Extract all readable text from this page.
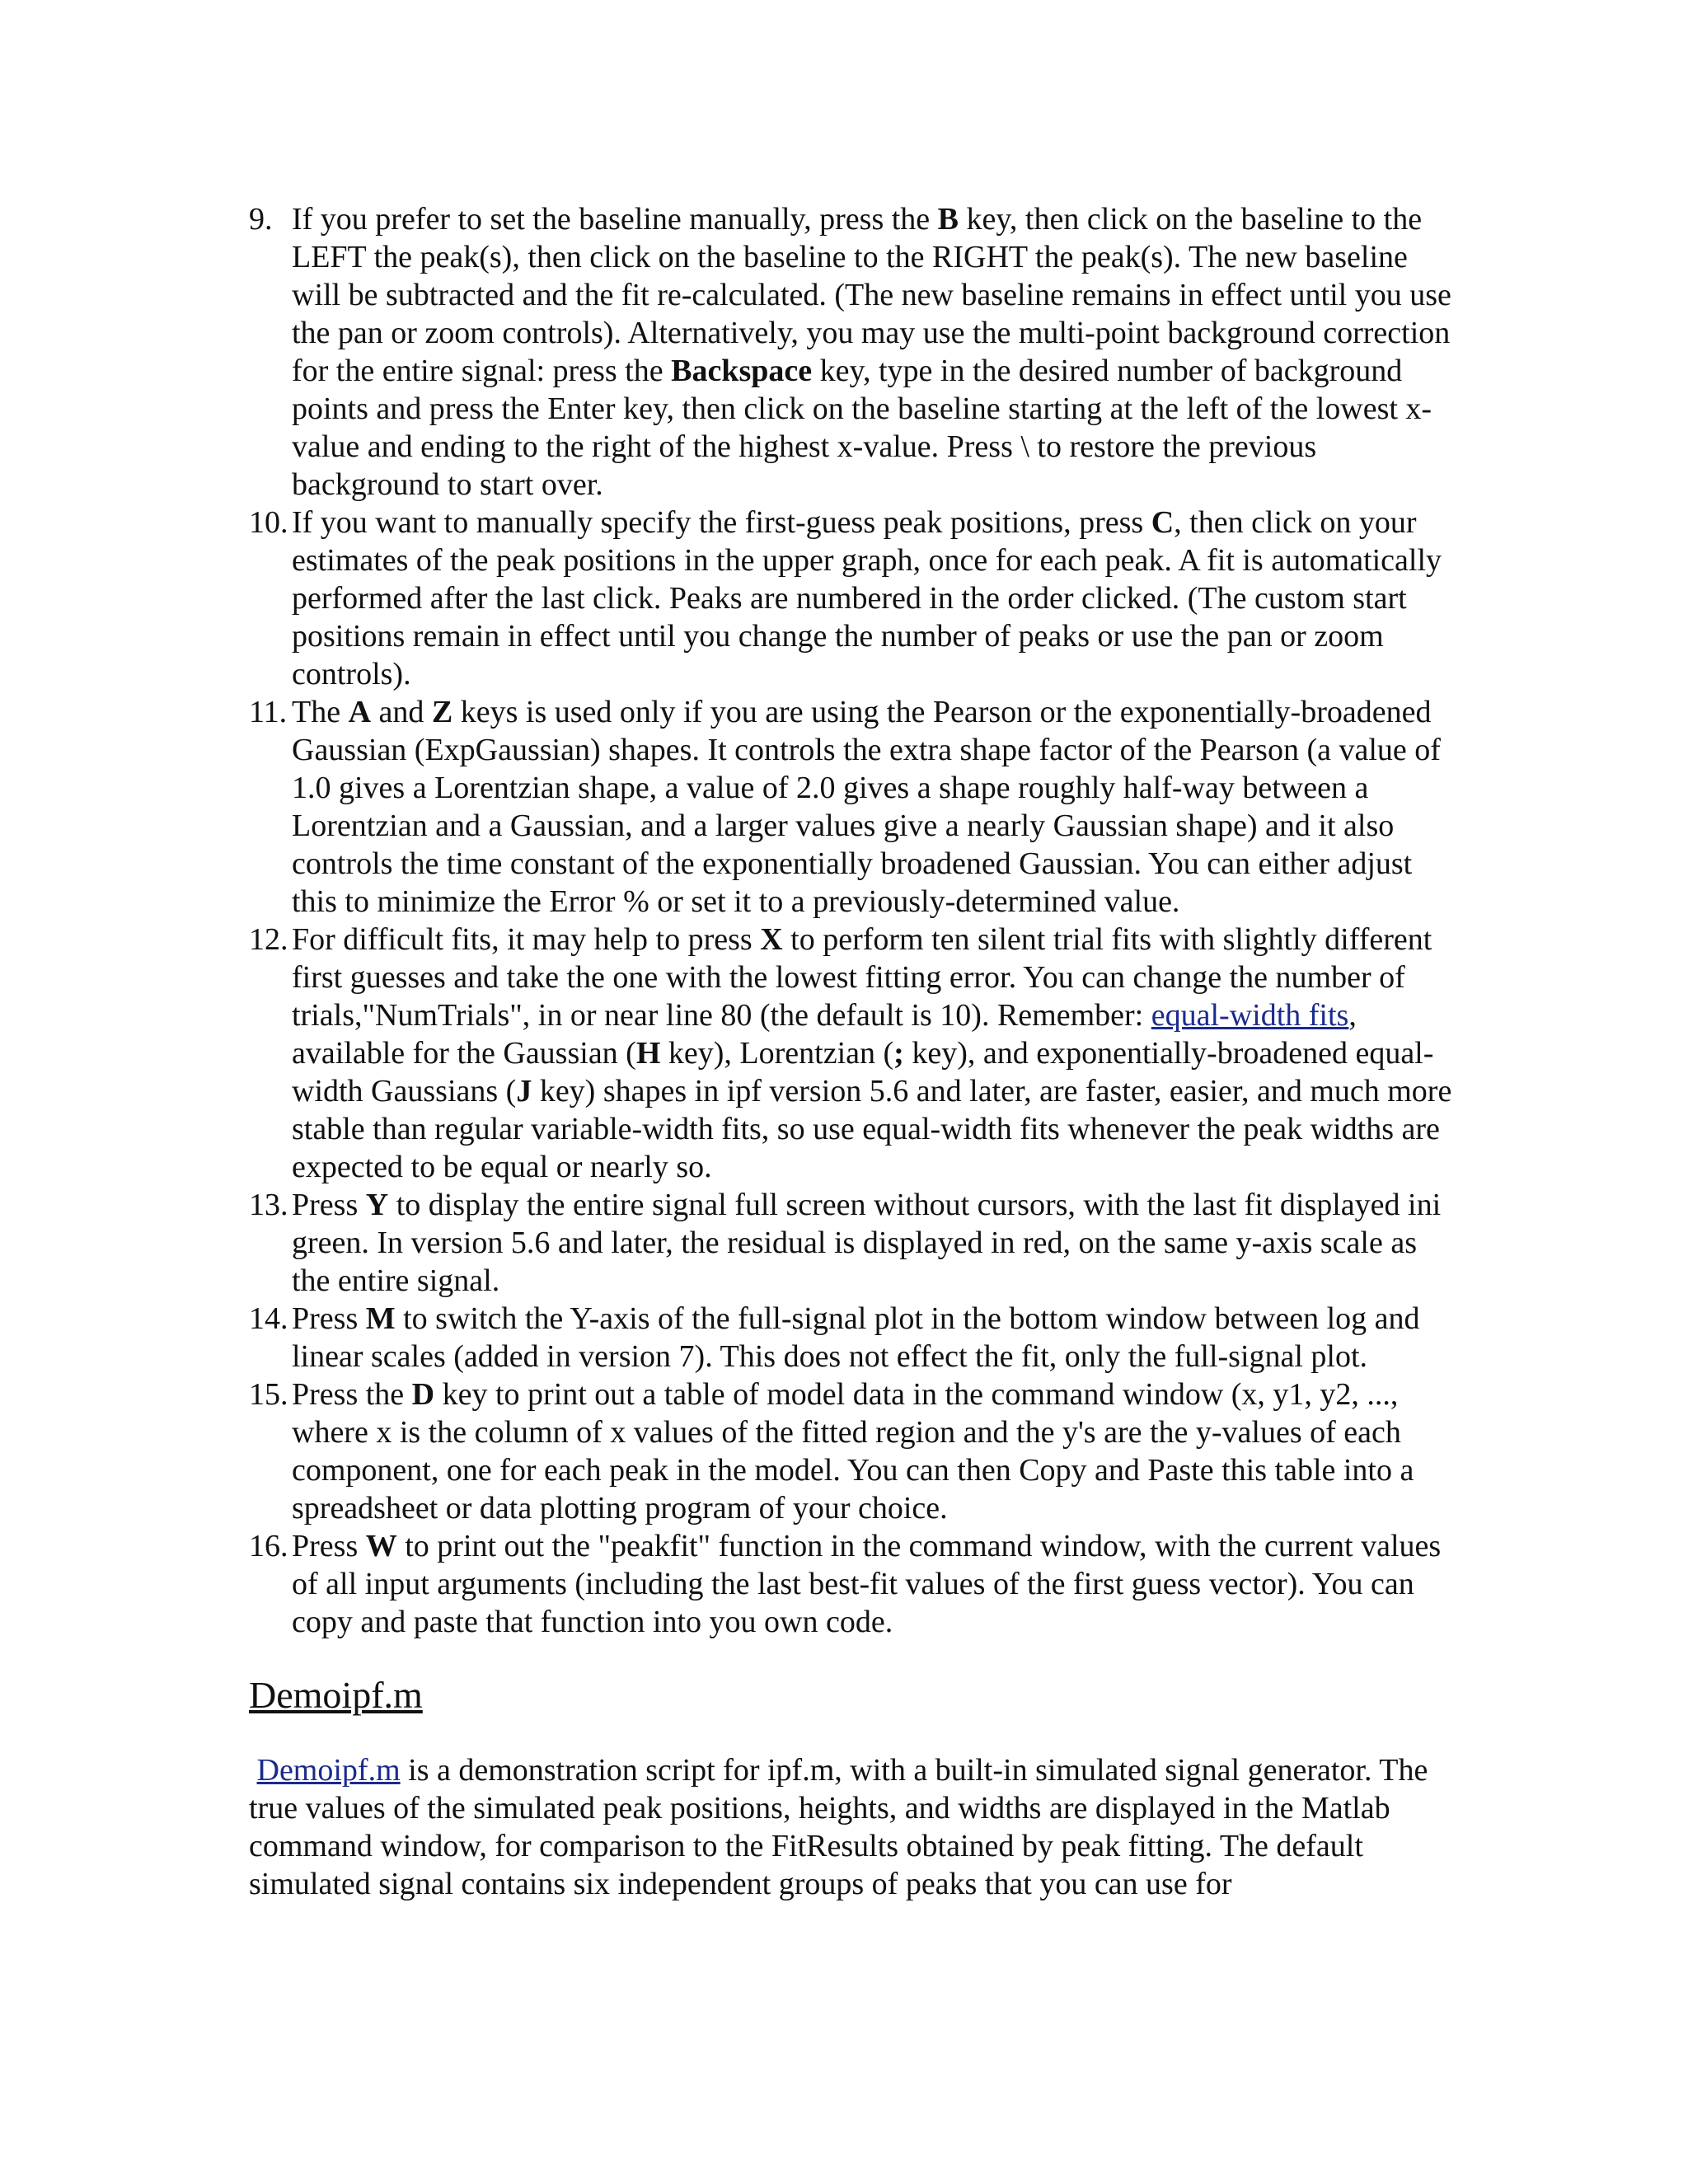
9. If you prefer to set the baseline manually, press the B key, then click on the baseline to the LEFT the peak(s), then click on the baseline to the RIGHT the peak(s). The new baseline will be subtracted and the fit re-calculated. (The new baseline remains in effect until you use the pan or zoom controls). Alternatively, you may use the multi-point background correction for the entire signal: press the Backspace key, type in the desired number of background points and press the Enter key, then click on the baseline starting at the left of the lowest x-value and ending to the right of the highest x-value. Press \ to restore the previous background to start over.

10. If you want to manually specify the first-guess peak positions, press C, then click on your estimates of the peak positions in the upper graph, once for each peak. A fit is automatically performed after the last click. Peaks are numbered in the order clicked. (The custom start positions remain in effect until you change the number of peaks or use the pan or zoom controls).

11. The A and Z keys is used only if you are using the Pearson or the exponentially-broadened Gaussian (ExpGaussian) shapes. It controls the extra shape factor of the Pearson (a value of 1.0 gives a Lorentzian shape, a value of 2.0 gives a shape roughly half-way between a Lorentzian and a Gaussian, and a larger values give a nearly Gaussian shape) and it also controls the time constant of the exponentially broadened Gaussian. You can either adjust this to minimize the Error % or set it to a previously-determined value.

12. For difficult fits, it may help to press X to perform ten silent trial fits with slightly different first guesses and take the one with the lowest fitting error. You can change the number of trials,"NumTrials", in or near line 80 (the default is 10). Remember: equal-width fits, available for the Gaussian (H key), Lorentzian (; key), and exponentially-broadened equal-width Gaussians (J key) shapes in ipf version 5.6 and later, are faster, easier, and much more stable than regular variable-width fits, so use equal-width fits whenever the peak widths are expected to be equal or nearly so.

13. Press Y to display the entire signal full screen without cursors, with the last fit displayed ini green. In version 5.6 and later, the residual is displayed in red, on the same y-axis scale as the entire signal.

14. Press M to switch the Y-axis of the full-signal plot in the bottom window between log and linear scales (added in version 7). This does not effect the fit, only the full-signal plot.

15. Press the D key to print out a table of model data in the command window (x, y1, y2, ..., where x is the column of x values of the fitted region and the y's are the y-values of each component, one for each peak in the model. You can then Copy and Paste this table into a spreadsheet or data plotting program of your choice.

16. Press W to print out the "peakfit" function in the command window, with the current values of all input arguments (including the last best-fit values of the first guess vector). You can copy and paste that function into you own code.

Demoipf.m

Demoipf.m is a demonstration script for ipf.m, with a built-in simulated signal generator. The true values of the simulated peak positions, heights, and widths are displayed in the Matlab command window, for comparison to the FitResults obtained by peak fitting. The default simulated signal contains six independent groups of peaks that you can use for
